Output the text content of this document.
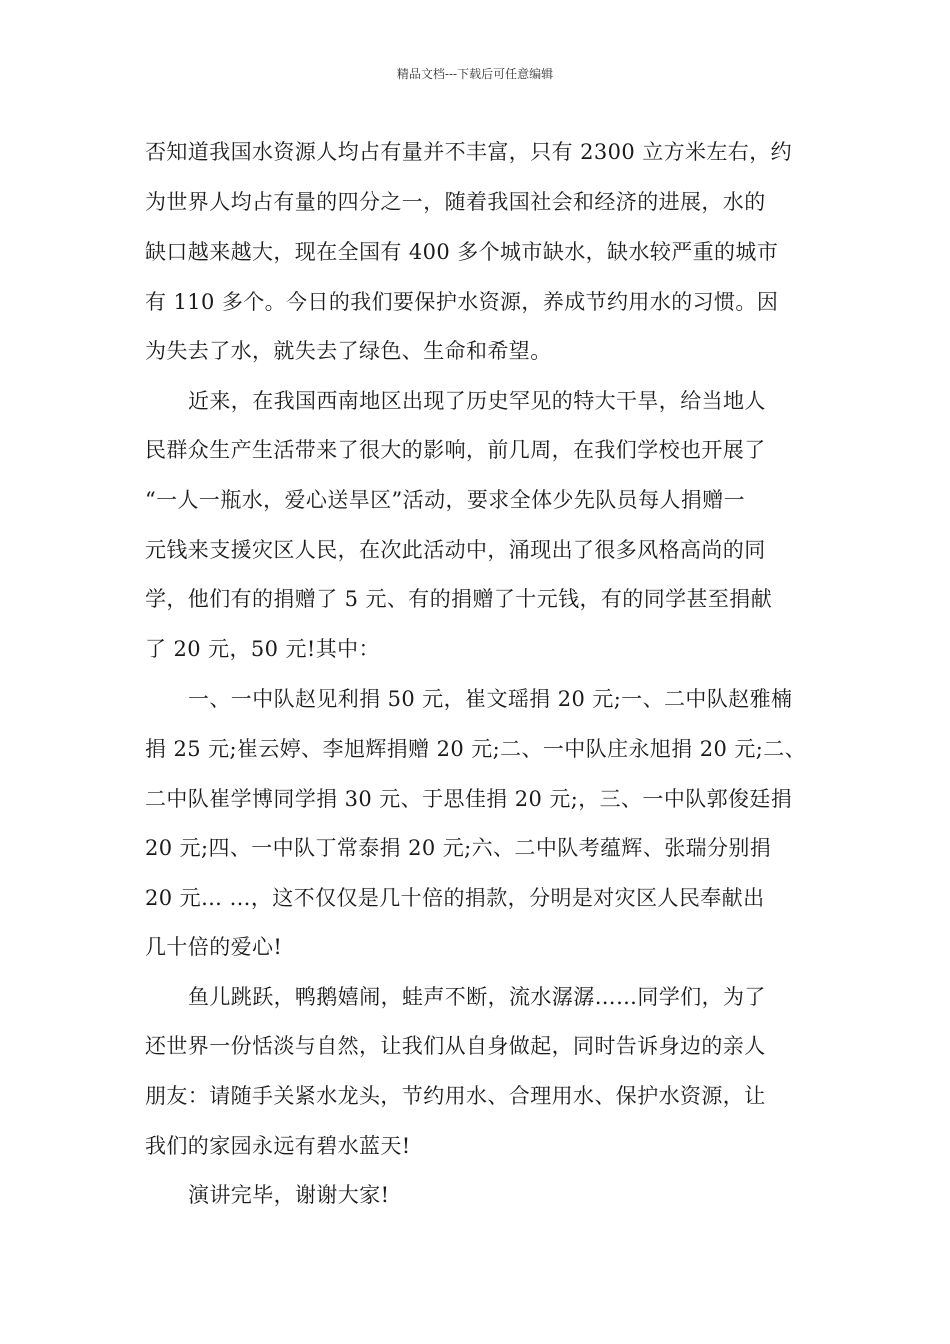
精品文档---下载后可任意编辑
否知道我国水资源人均占有量并不丰富，只有 2300 立方米左右，约
为世界人均占有量的四分之一，随着我国社会和经济的进展，水的
缺口越来越大，现在全国有 400 多个城市缺水，缺水较严重的城市
有 110 多个。今日的我们要保护水资源，养成节约用水的习惯。因
为失去了水，就失去了绿色、生命和希望。
近来，在我国西南地区出现了历史罕见的特大干旱，给当地人
民群众生产生活带来了很大的影响，前几周，在我们学校也开展了
“一人一瓶水，爱心送旱区”活动，要求全体少先队员每人捐赠一
元钱来支援灾区人民，在次此活动中，涌现出了很多风格高尚的同
学，他们有的捐赠了 5 元、有的捐赠了十元钱，有的同学甚至捐献
了 20 元，50 元!其中：
一、一中队赵见利捐 50 元，崔文瑶捐 20 元;一、二中队赵雅楠
捐 25 元;崔云婷、李旭辉捐赠 20 元;二、一中队庄永旭捐 20 元;二、
二中队崔学博同学捐 30 元、于思佳捐 20 元;，三、一中队郭俊廷捐
20 元;四、一中队丁常泰捐 20 元;六、二中队考蕴辉、张瑞分别捐
20 元… …，这不仅仅是几十倍的捐款，分明是对灾区人民奉献出
几十倍的爱心!
鱼儿跳跃，鸭鹅嬉闹，蛙声不断，流水潺潺……同学们，为了
还世界一份恬淡与自然，让我们从自身做起，同时告诉身边的亲人
朋友：请随手关紧水龙头，节约用水、合理用水、保护水资源，让
我们的家园永远有碧水蓝天!
演讲完毕，谢谢大家!
